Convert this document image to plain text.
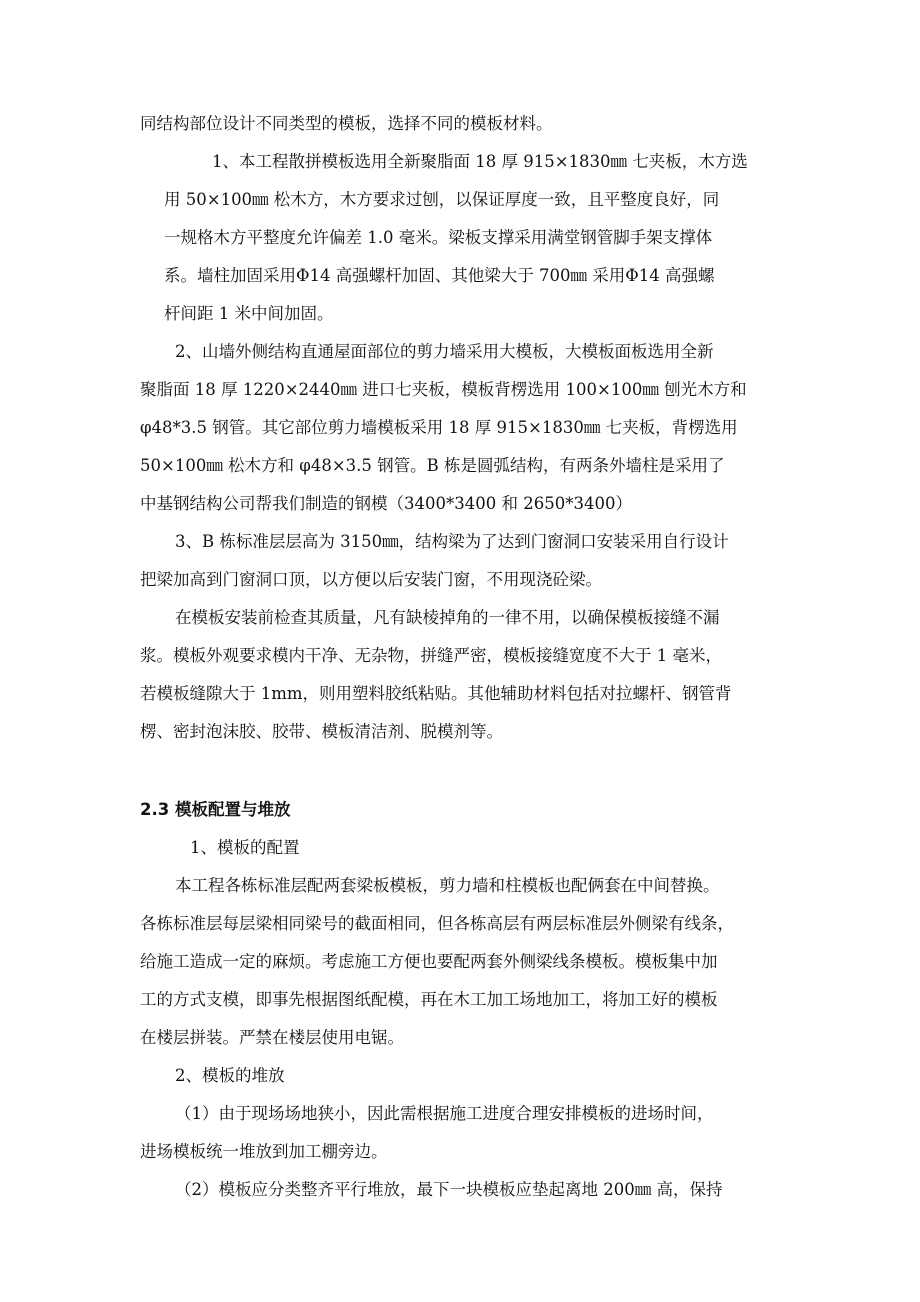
同结构部位设计不同类型的模板，选择不同的模板材料。
1、本工程散拼模板选用全新聚脂面 18 厚 915×1830㎜ 七夹板，木方选
用 50×100㎜ 松木方，木方要求过刨，以保证厚度一致，且平整度良好，同
一规格木方平整度允许偏差 1.0 毫米。梁板支撑采用满堂钢管脚手架支撑体
系。墙柱加固采用Φ14 高强螺杆加固、其他梁大于 700㎜ 采用Φ14 高强螺
杆间距 1 米中间加固。
2、山墙外侧结构直通屋面部位的剪力墙采用大模板，大模板面板选用全新
聚脂面 18 厚 1220×2440㎜ 进口七夹板，模板背楞选用 100×100㎜ 刨光木方和
φ48*3.5 钢管。其它部位剪力墙模板采用 18 厚 915×1830㎜ 七夹板，背楞选用
50×100㎜ 松木方和 φ48×3.5 钢管。B 栋是圆弧结构，有两条外墙柱是采用了
中基钢结构公司帮我们制造的钢模（3400*3400 和 2650*3400）
3、B 栋标准层层高为 3150㎜，结构梁为了达到门窗洞口安装采用自行设计
把梁加高到门窗洞口顶，以方便以后安装门窗，不用现浇砼梁。
在模板安装前检查其质量，凡有缺棱掉角的一律不用，以确保模板接缝不漏
浆。模板外观要求模内干净、无杂物，拼缝严密，模板接缝宽度不大于 1 毫米，
若模板缝隙大于 1mm，则用塑料胶纸粘贴。其他辅助材料包括对拉螺杆、钢管背
楞、密封泡沫胶、胶带、模板清洁剂、脱模剂等。
2.3 模板配置与堆放
1、模板的配置
本工程各栋标准层配两套梁板模板，剪力墙和柱模板也配俩套在中间替换。
各栋标准层每层梁相同梁号的截面相同，但各栋高层有两层标准层外侧梁有线条，
给施工造成一定的麻烦。考虑施工方便也要配两套外侧梁线条模板。模板集中加
工的方式支模，即事先根据图纸配模，再在木工加工场地加工，将加工好的模板
在楼层拼装。严禁在楼层使用电锯。
2、模板的堆放
（1）由于现场场地狭小，因此需根据施工进度合理安排模板的进场时间，
进场模板统一堆放到加工棚旁边。
（2）模板应分类整齐平行堆放，最下一块模板应垫起离地 200㎜ 高，保持
